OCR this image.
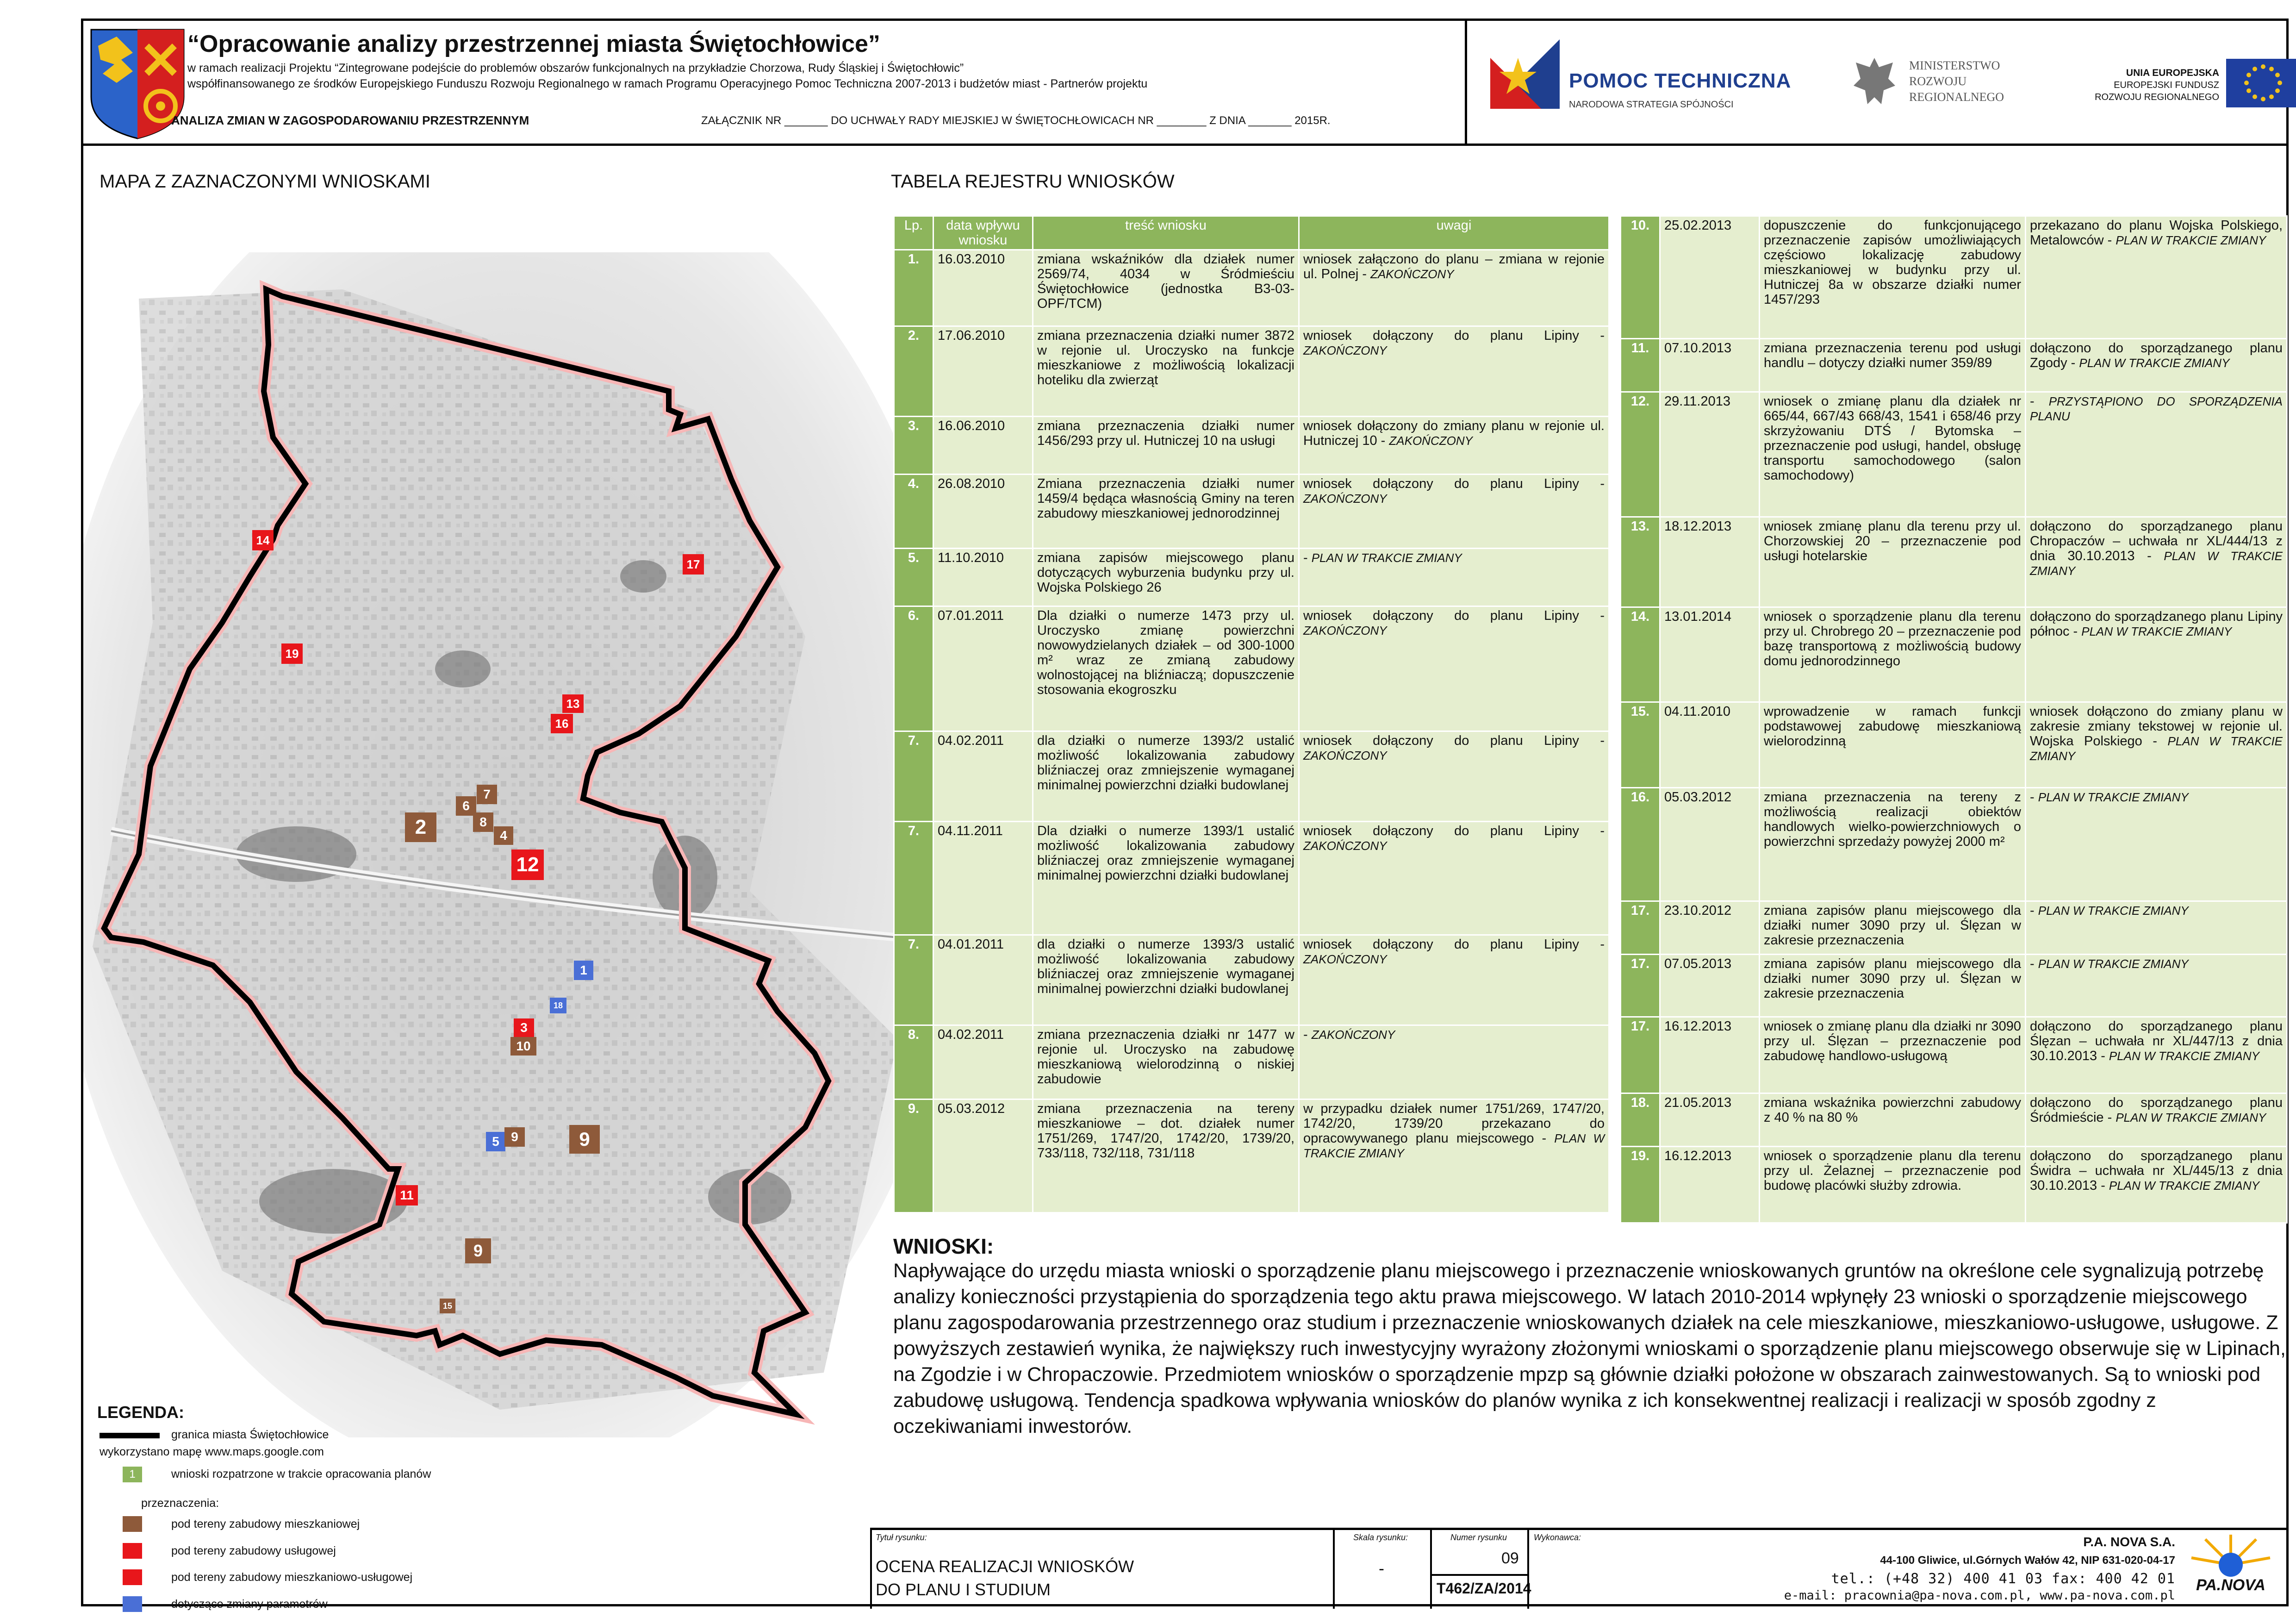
“Opracowanie analizy przestrzennej miasta Świętochłowice”
w ramach realizacji Projektu “Zintegrowane podejście do problemów obszarów funkcjonalnych na przykładzie Chorzowa, Rudy Śląskiej i Świętochłowic”
współfinansowanego ze środków Europejskiego Funduszu Rozwoju Regionalnego w ramach Programu Operacyjnego Pomoc Techniczna 2007-2013 i budżetów miast - Partnerów projektu
ANALIZA ZMIAN W ZAGOSPODAROWANIU PRZESTRZENNYM	ZAŁĄCZNIK NR _______ DO UCHWAŁY RADY MIEJSKIEJ W ŚWIĘTOCHŁOWICACH NR ________ Z DNIA _______ 2015R.
POMOC TECHNICZNA
NARODOWA STRATEGIA SPÓJNOŚCI
MINISTERSTWO
ROZWOJU
REGIONALNEGO
UNIA EUROPEJSKA
EUROPEJSKI FUNDUSZ
ROZWOJU REGIONALNEGO
MAPA Z ZAZNACZONYMI WNIOSKAMI	TABELA REJESTRU WNIOSKÓW
14
17
19
13
16
7
6
8
4
2
12
1
18
3
10
5 9	9
11
9
15
LEGENDA:
granica miasta Świętochłowice
wykorzystano mapę www.maps.google.com
1	wnioski rozpatrzone w trakcie opracowania planów
przeznaczenia:
pod tereny zabudowy mieszkaniowej
pod tereny zabudowy usługowej
pod tereny zabudowy mieszkaniowo-usługowej
dotyczące zmiany parametrów
Lp.	data wpływu wniosku	treść wniosku	uwagi
1.	16.03.2010	zmiana wskaźników dla działek numer 2569/74, 4034 w Śródmieściu Świętochłowice (jednostka B3-03-OPF/TCM)	wniosek załączono do planu – zmiana w rejonie ul. Polnej - ZAKOŃCZONY
2.	17.06.2010	zmiana przeznaczenia działki numer 3872 w rejonie ul. Uroczysko na funkcje mieszkaniowe z możliwością lokalizacji hoteliku dla zwierząt	wniosek dołączony do planu Lipiny - ZAKOŃCZONY
3.	16.06.2010	zmiana przeznaczenia działki numer 1456/293 przy ul. Hutniczej 10 na usługi	wniosek dołączony do zmiany planu w rejonie ul. Hutniczej 10 - ZAKOŃCZONY
4.	26.08.2010	Zmiana przeznaczenia działki numer 1459/4 będąca własnością Gminy na teren zabudowy mieszkaniowej jednorodzinnej	wniosek dołączony do planu Lipiny - ZAKOŃCZONY
5.	11.10.2010	zmiana zapisów miejscowego planu dotyczących wyburzenia budynku przy ul. Wojska Polskiego 26	- PLAN W TRAKCIE ZMIANY
6.	07.01.2011	Dla działki o numerze 1473 przy ul. Uroczysko zmianę powierzchni nowowydzielanych działek – od 300-1000 m² wraz ze zmianą zabudowy wolnostojącej na bliźniaczą; dopuszczenie stosowania ekogroszku	wniosek dołączony do planu Lipiny - ZAKOŃCZONY
7.	04.02.2011	dla działki o numerze 1393/2 ustalić możliwość lokalizowania zabudowy bliźniaczej oraz zmniejszenie wymaganej minimalnej powierzchni działki budowlanej	wniosek dołączony do planu Lipiny - ZAKOŃCZONY
7.	04.11.2011	Dla działki o numerze 1393/1 ustalić możliwość lokalizowania zabudowy bliźniaczej oraz zmniejszenie wymaganej minimalnej powierzchni działki budowlanej	wniosek dołączony do planu Lipiny - ZAKOŃCZONY
7.	04.01.2011	dla działki o numerze 1393/3 ustalić możliwość lokalizowania zabudowy bliźniaczej oraz zmniejszenie wymaganej minimalnej powierzchni działki budowlanej	wniosek dołączony do planu Lipiny - ZAKOŃCZONY
8.	04.02.2011	zmiana przeznaczenia działki nr 1477 w rejonie ul. Uroczysko na zabudowę mieszkaniową wielorodzinną o niskiej zabudowie	- ZAKOŃCZONY
9.	05.03.2012	zmiana przeznaczenia na tereny mieszkaniowe – dot. działek numer 1751/269, 1747/20, 1742/20, 1739/20, 733/118, 732/118, 731/118	w przypadku działek numer 1751/269, 1747/20, 1742/20, 1739/20 przekazano do opracowywanego planu miejscowego - PLAN W TRAKCIE ZMIANY
10.	25.02.2013	dopuszczenie do funkcjonującego przeznaczenie zapisów umożliwiających częściowo lokalizację zabudowy mieszkaniowej w budynku przy ul. Hutniczej 8a w obszarze działki numer 1457/293	przekazano do planu Wojska Polskiego, Metalowców - PLAN W TRAKCIE ZMIANY
11.	07.10.2013	zmiana przeznaczenia terenu pod usługi handlu – dotyczy działki numer 359/89	dołączono do sporządzanego planu Zgody - PLAN W TRAKCIE ZMIANY
12.	29.11.2013	wniosek o zmianę planu dla działek nr 665/44, 667/43 668/43, 1541 i 658/46 przy skrzyżowaniu DTŚ / Bytomska – przeznaczenie pod usługi, handel, obsługę transportu samochodowego (salon samochodowy)	- PRZYSTĄPIONO DO SPORZĄDZENIA PLANU
13.	18.12.2013	wniosek zmianę planu dla terenu przy ul. Chorzowskiej 20 – przeznaczenie pod usługi hotelarskie	dołączono do sporządzanego planu Chropaczów – uchwała nr XL/444/13 z dnia 30.10.2013 - PLAN W TRAKCIE ZMIANY
14.	13.01.2014	wniosek o sporządzenie planu dla terenu przy ul. Chrobrego 20 – przeznaczenie pod bazę transportową z możliwością budowy domu jednorodzinnego	dołączono do sporządzanego planu Lipiny północ - PLAN W TRAKCIE ZMIANY
15.	04.11.2010	wprowadzenie w ramach funkcji podstawowej zabudowę mieszkaniową wielorodzinną	wniosek dołączono do zmiany planu w zakresie zmiany tekstowej w rejonie ul. Wojska Polskiego - PLAN W TRAKCIE ZMIANY
16.	05.03.2012	zmiana przeznaczenia na tereny z możliwością realizacji obiektów handlowych wielko-powierzchniowych o powierzchni sprzedaży powyżej 2000 m²	- PLAN W TRAKCIE ZMIANY
17.	23.10.2012	zmiana zapisów planu miejscowego dla działki numer 3090 przy ul. Ślęzan w zakresie przeznaczenia	- PLAN W TRAKCIE ZMIANY
17.	07.05.2013	zmiana zapisów planu miejscowego dla działki numer 3090 przy ul. Ślęzan w zakresie przeznaczenia	- PLAN W TRAKCIE ZMIANY
17.	16.12.2013	wniosek o zmianę planu dla działki nr 3090 przy ul. Ślęzan – przeznaczenie pod zabudowę handlowo-usługową	dołączono do sporządzanego planu Ślęzan – uchwała nr XL/447/13 z dnia 30.10.2013 - PLAN W TRAKCIE ZMIANY
18.	21.05.2013	zmiana wskaźnika powierzchni zabudowy z 40 % na 80 %	dołączono do sporządzanego planu Śródmieście - PLAN W TRAKCIE ZMIANY
19.	16.12.2013	wniosek o sporządzenie planu dla terenu przy ul. Żelaznej – przeznaczenie pod budowę placówki służby zdrowia.	dołączono do sporządzanego planu Świdra – uchwała nr XL/445/13 z dnia 30.10.2013 - PLAN W TRAKCIE ZMIANY
WNIOSKI:
Napływające do urzędu miasta wnioski o sporządzenie planu miejscowego i przeznaczenie wnioskowanych gruntów na określone cele sygnalizują potrzebę analizy konieczności przystąpienia do sporządzenia tego aktu prawa miejscowego. W latach 2010-2014 wpłynęły 23 wnioski o sporządzenie miejscowego planu zagospodarowania przestrzennego oraz studium i przeznaczenie wnioskowanych działek na cele mieszkaniowe, mieszkaniowo-usługowe, usługowe. Z powyższych zestawień wynika, że największy ruch inwestycyjny wyrażony złożonymi wnioskami o sporządzenie planu miejscowego obserwuje się w Lipinach, na Zgodzie i w Chropaczowie. Przedmiotem wniosków o sporządzenie mpzp są głównie działki położone w obszarach zainwestowanych. Są to wnioski pod zabudowę usługową. Tendencja spadkowa wpływania wniosków do planów wynika z ich konsekwentnej realizacji i realizacji w sposób zgodny z oczekiwaniami inwestorów.
Tytuł rysunku:
OCENA REALIZACJI WNIOSKÓW
DO PLANU I STUDIUM
Skala rysunku:
-
Numer rysunku
09
T462/ZA/2014
Wykonawca:	P.A. NOVA S.A.
44-100 Gliwice, ul.Górnych Wałów 42, NIP 631-020-04-17
tel.: (+48 32) 400 41 03 fax: 400 42 01
e-mail: pracownia@pa-nova.com.pl, www.pa-nova.com.pl
PA.NOVA
